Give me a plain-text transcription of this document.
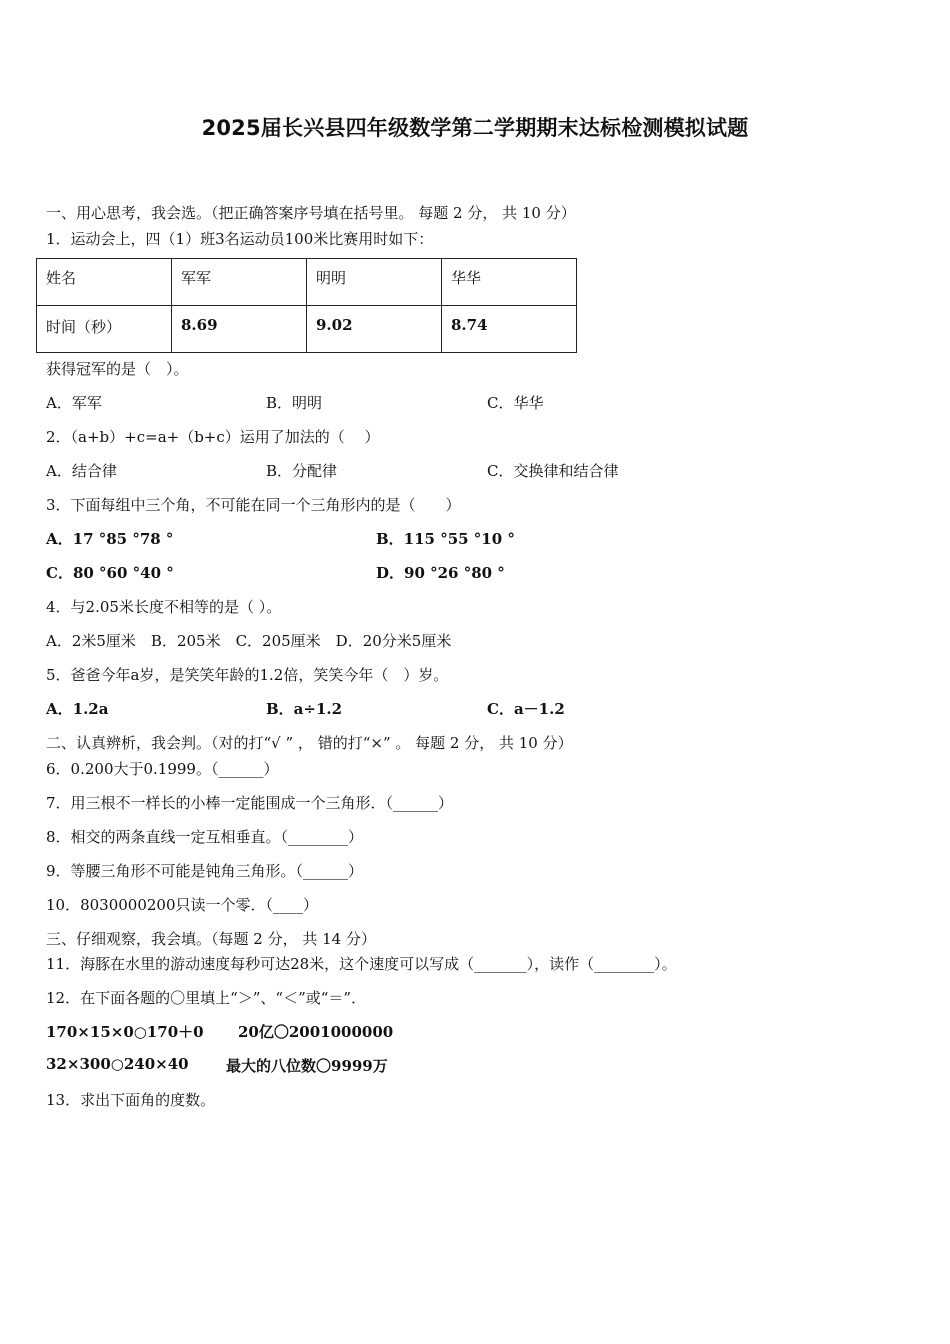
2025届长兴县四年级数学第二学期期末达标检测模拟试题
一、用心思考，我会选。（把正确答案序号填在括号里。 每题 2 分， 共 10 分）
1．运动会上，四（1）班3名运动员100米比赛用时如下：
姓名	军军	明明	华华
时间（秒）	8.69	9.02	8.74
获得冠军的是（　）。
A．军军	B．明明	C．华华
2．（a+b）+c=a+（b+c）运用了加法的（　 ）
A．结合律	B．分配律	C．交换律和结合律
3．下面每组中三个角，不可能在同一个三角形内的是（　　）
A．17 °85 °78 °	B．115 °55 °10 °
C．80 °60 °40 °	D．90 °26 °80 °
4．与2.05米长度不相等的是（ ）。
A．2米5厘米　B．205米　C．205厘米　D．20分米5厘米
5．爸爸今年a岁，是笑笑年龄的1.2倍，笑笑今年（　）岁。
A．1.2a	B．a÷1.2	C．a－1.2
二、认真辨析，我会判。（对的打“√ ” ， 错的打“×” 。 每题 2 分， 共 10 分）
6．0.200大于0.1999。（______）
7．用三根不一样长的小棒一定能围成一个三角形．（______）
8．相交的两条直线一定互相垂直。（________）
9．等腰三角形不可能是钝角三角形。（______）
10．8030000200只读一个零．（____）
三、仔细观察，我会填。（每题 2 分， 共 14 分）
11．海豚在水里的游动速度每秒可达28米，这个速度可以写成（_______），读作（________）。
12．在下面各题的〇里填上“＞”、“＜”或“＝”．
170×15×0○170＋0 20亿〇2001000000
32×300○240×40 最大的八位数〇9999万
13．求出下面角的度数。
